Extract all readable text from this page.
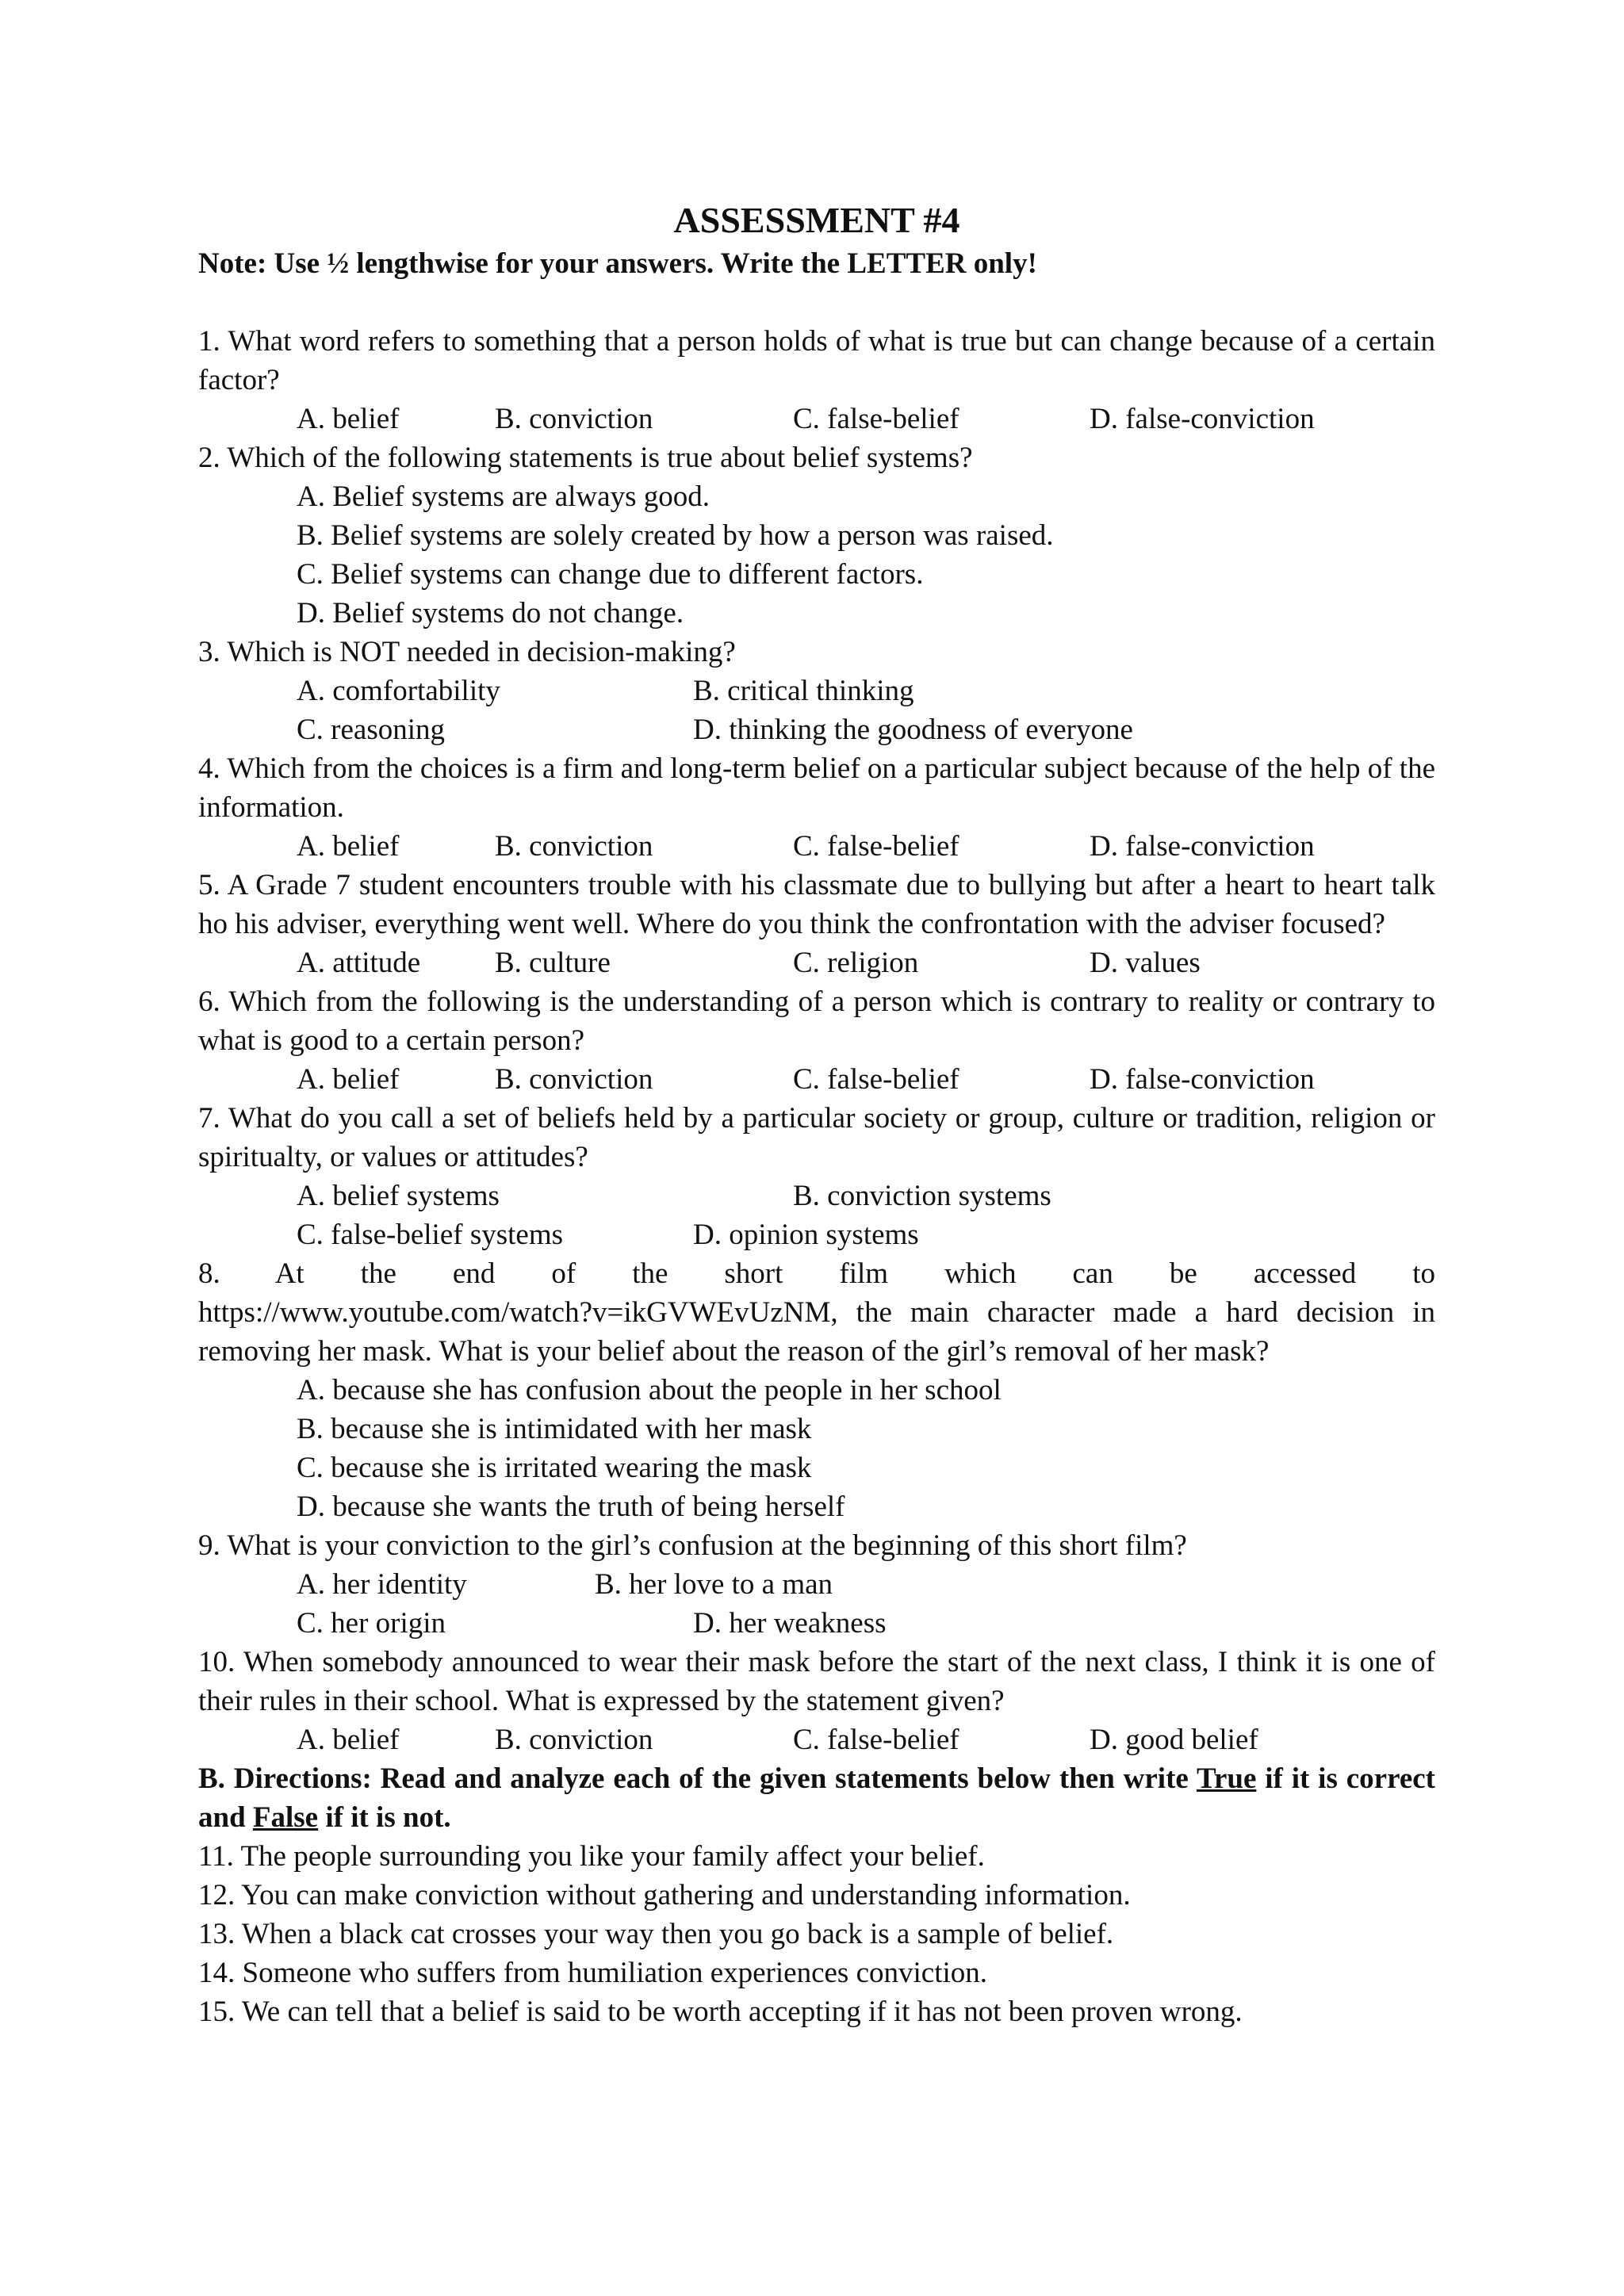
ASSESSMENT #4

Note: Use ½ lengthwise for your answers. Write the LETTER only!

1. What word refers to something that a person holds of what is true but can change because of a certain factor?

A. belief	B. conviction	C. false-belief	D. false-conviction

2. Which of the following statements is true about belief systems?

A. Belief systems are always good.

B. Belief systems are solely created by how a person was raised.

C. Belief systems can change due to different factors.

D. Belief systems do not change.

3. Which is NOT needed in decision-making?

A. comfortability	B. critical thinking
C. reasoning	D. thinking the goodness of everyone

4. Which from the choices is a firm and long-term belief on a particular subject because of the help of the information.

A. belief	B. conviction	C. false-belief	D. false-conviction

5. A Grade 7 student encounters trouble with his classmate due to bullying but after a heart to heart talk ho his adviser, everything went well. Where do you think the confrontation with the adviser focused?

A. attitude	B. culture	C. religion	D. values

6. Which from the following is the understanding of a person which is contrary to reality or contrary to what is good to a certain person?

A. belief	B. conviction	C. false-belief	D. false-conviction

7. What do you call a set of beliefs held by a particular society or group, culture or tradition, religion or spiritualty, or values or attitudes?

A. belief systems	B. conviction systems
C. false-belief systems	D. opinion systems

8. At the end of the short film which can be accessed to

https://www.youtube.com/watch?v=ikGVWEvUzNM, the main character made a hard decision in removing her mask. What is your belief about the reason of the girl’s removal of her mask?

A. because she has confusion about the people in her school

B. because she is intimidated with her mask

C. because she is irritated wearing the mask

D. because she wants the truth of being herself

9. What is your conviction to the girl’s confusion at the beginning of this short film?

A. her identity	B. her love to a man
C. her origin	D. her weakness

10. When somebody announced to wear their mask before the start of the next class, I think it is one of their rules in their school. What is expressed by the statement given?

A. belief	B. conviction	C. false-belief	D. good belief

B. Directions: Read and analyze each of the given statements below then write True if it is correct and False if it is not.

11. The people surrounding you like your family affect your belief.

12. You can make conviction without gathering and understanding information.

13. When a black cat crosses your way then you go back is a sample of belief.

14. Someone who suffers from humiliation experiences conviction.

15. We can tell that a belief is said to be worth accepting if it has not been proven wrong.
